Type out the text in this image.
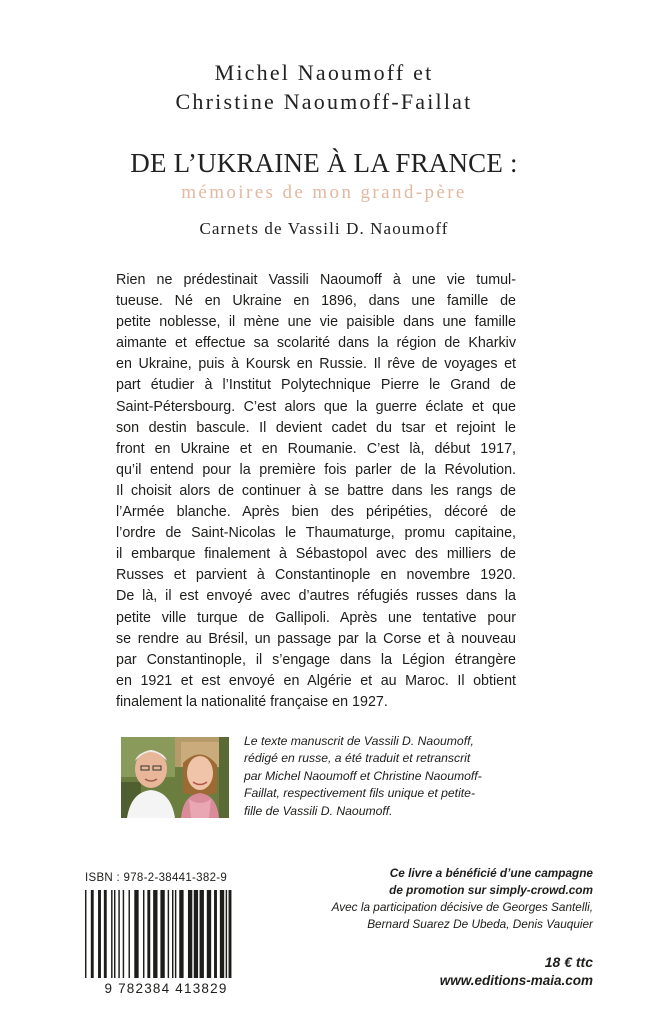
Michel Naoumoff et
Christine Naoumoff-Faillat
DE L’UKRAINE À LA FRANCE :
mémoires de mon grand-père
Carnets de Vassili D. Naoumoff
Rien ne prédestinait Vassili Naoumoff à une vie tumul-
tueuse. Né en Ukraine en 1896, dans une famille de
petite noblesse, il mène une vie paisible dans une famille
aimante et effectue sa scolarité dans la région de Kharkiv
en Ukraine, puis à Koursk en Russie. Il rêve de voyages et
part étudier à l’Institut Polytechnique Pierre le Grand de
Saint-Pétersbourg. C’est alors que la guerre éclate et que
son destin bascule. Il devient cadet du tsar et rejoint le
front en Ukraine et en Roumanie. C’est là, début 1917,
qu’il entend pour la première fois parler de la Révolution.
Il choisit alors de continuer à se battre dans les rangs de
l’Armée blanche. Après bien des péripéties, décoré de
l’ordre de Saint-Nicolas le Thaumaturge, promu capitaine,
il embarque finalement à Sébastopol avec des milliers de
Russes et parvient à Constantinople en novembre 1920.
De là, il est envoyé avec d’autres réfugiés russes dans la
petite ville turque de Gallipoli. Après une tentative pour
se rendre au Brésil, un passage par la Corse et à nouveau
par Constantinople, il s’engage dans la Légion étrangère
en 1921 et est envoyé en Algérie et au Maroc. Il obtient
finalement la nationalité française en 1927.
Le texte manuscrit de Vassili D. Naoumoff,
rédigé en russe, a été traduit et retranscrit
par Michel Naoumoff et Christine Naoumoff-
Faillat, respectivement fils unique et petite-
fille de Vassili D. Naoumoff.
ISBN : 978-2-38441-382-9
9 782384 413829
Ce livre a bénéficié d’une campagne
de promotion sur simply-crowd.com
Avec la participation décisive de Georges Santelli,
Bernard Suarez De Ubeda, Denis Vauquier
18 € ttc
www.editions-maia.com
